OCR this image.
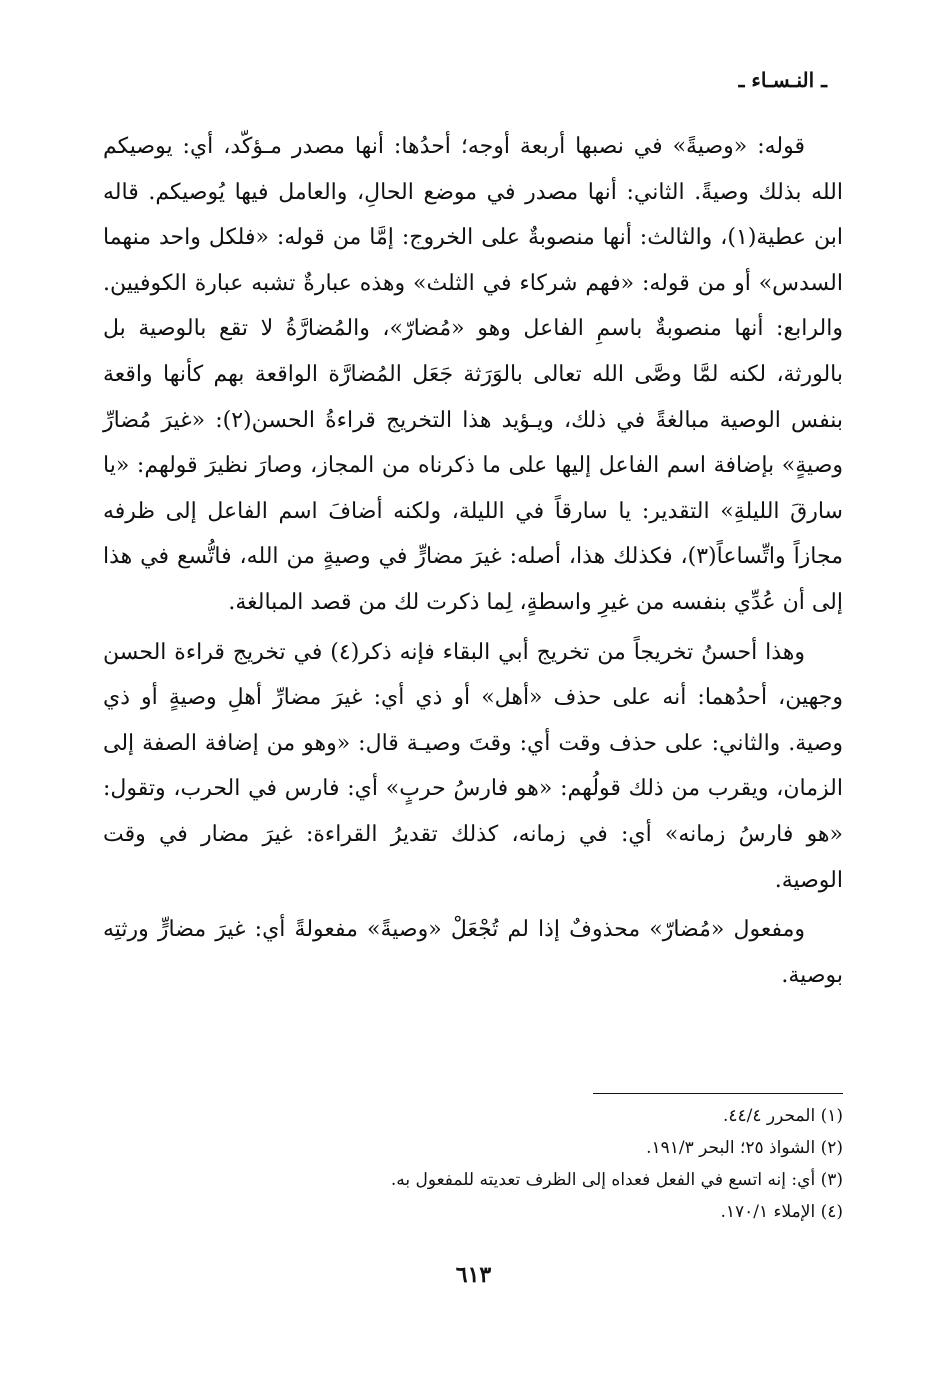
ـ النـسـاء ـ

قوله: «وصيةً» في نصبها أربعة أوجه؛ أحدُها: أنها مصدر مـؤكّد، أي: يوصيكم الله بذلك وصيةً. الثاني: أنها مصدر في موضع الحالِ، والعامل فيها يُوصيكم. قاله ابن عطية(١)، والثالث: أنها منصوبةٌ على الخروج: إمَّا من قوله: «فلكل واحد منهما السدس» أو من قوله: «فهم شركاء في الثلث» وهذه عبارةٌ تشبه عبارة الكوفيين. والرابع: أنها منصوبةٌ باسمِ الفاعل وهو «مُضارّ»، والمُضارَّةُ لا تقع بالوصية بل بالورثة، لكنه لمَّا وصَّى الله تعالى بالوَرَثة جَعَل المُضارَّة الواقعة بهم كأنها واقعة بنفس الوصية مبالغةً في ذلك، ويـؤيد هذا التخريج قراءةُ الحسن(٢): «غيرَ مُضارِّ وصيةٍ» بإضافة اسم الفاعل إليها على ما ذكرناه من المجاز، وصارَ نظيرَ قولهم: «يا سارقَ الليلةِ» التقدير: يا سارقاً في الليلة، ولكنه أضافَ اسم الفاعل إلى ظرفه مجازاً واتِّساعاً(٣)، فكذلك هذا، أصله: غيرَ مضارٍّ في وصيةٍ من الله، فاتُّسع في هذا إلى أن عُدِّي بنفسه من غيرِ واسطةٍ، لِما ذكرت لك من قصد المبالغة.

وهذا أحسنُ تخريجاً من تخريج أبي البقاء فإنه ذكر(٤) في تخريج قراءة الحسن وجهين، أحدُهما: أنه على حذف «أهل» أو ذي أي: غيرَ مضارِّ أهلِ وصيةٍ أو ذي وصية. والثاني: على حذف وقت أي: وقتَ وصيـة قال: «وهو من إضافة الصفة إلى الزمان، ويقرب من ذلك قولُهم: «هو فارسُ حربٍ» أي: فارس في الحرب، وتقول: «هو فارسُ زمانه» أي: في زمانه، كذلك تقديرُ القراءة: غيرَ مضار في وقت الوصية.

ومفعول «مُضارّ» محذوفٌ إذا لم تُجْعَلْ «وصيةً» مفعولةً أي: غيرَ مضارٍّ ورثتِه بوصية.

(١) المحرر ٤٤/٤.
(٢) الشواذ ٢٥؛ البحر ١٩١/٣.
(٣) أي: إنه اتسع في الفعل فعداه إلى الظرف تعديته للمفعول به.
(٤) الإملاء ١٧٠/١.
٦١٣
